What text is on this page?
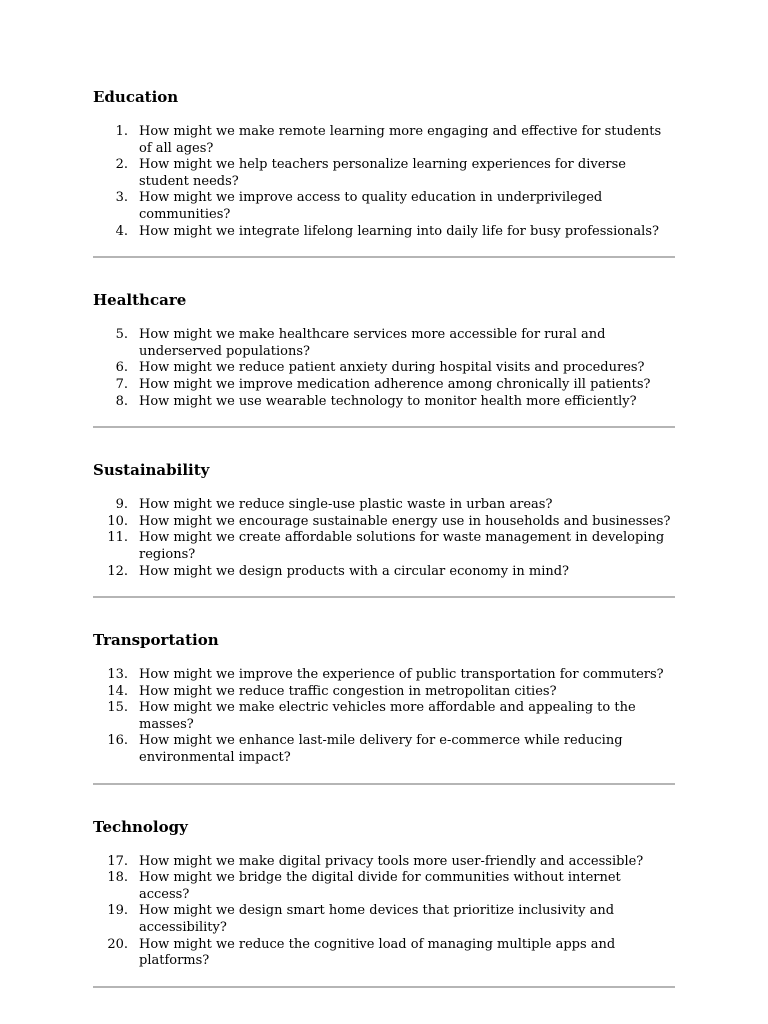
Education
1. How might we make remote learning more engaging and effective for students of all ages?
2. How might we help teachers personalize learning experiences for diverse student needs?
3. How might we improve access to quality education in underprivileged communities?
4. How might we integrate lifelong learning into daily life for busy professionals?
Healthcare
5. How might we make healthcare services more accessible for rural and underserved populations?
6. How might we reduce patient anxiety during hospital visits and procedures?
7. How might we improve medication adherence among chronically ill patients?
8. How might we use wearable technology to monitor health more efficiently?
Sustainability
9. How might we reduce single-use plastic waste in urban areas?
10. How might we encourage sustainable energy use in households and businesses?
11. How might we create affordable solutions for waste management in developing regions?
12. How might we design products with a circular economy in mind?
Transportation
13. How might we improve the experience of public transportation for commuters?
14. How might we reduce traffic congestion in metropolitan cities?
15. How might we make electric vehicles more affordable and appealing to the masses?
16. How might we enhance last-mile delivery for e-commerce while reducing environmental impact?
Technology
17. How might we make digital privacy tools more user-friendly and accessible?
18. How might we bridge the digital divide for communities without internet access?
19. How might we design smart home devices that prioritize inclusivity and accessibility?
20. How might we reduce the cognitive load of managing multiple apps and platforms?
